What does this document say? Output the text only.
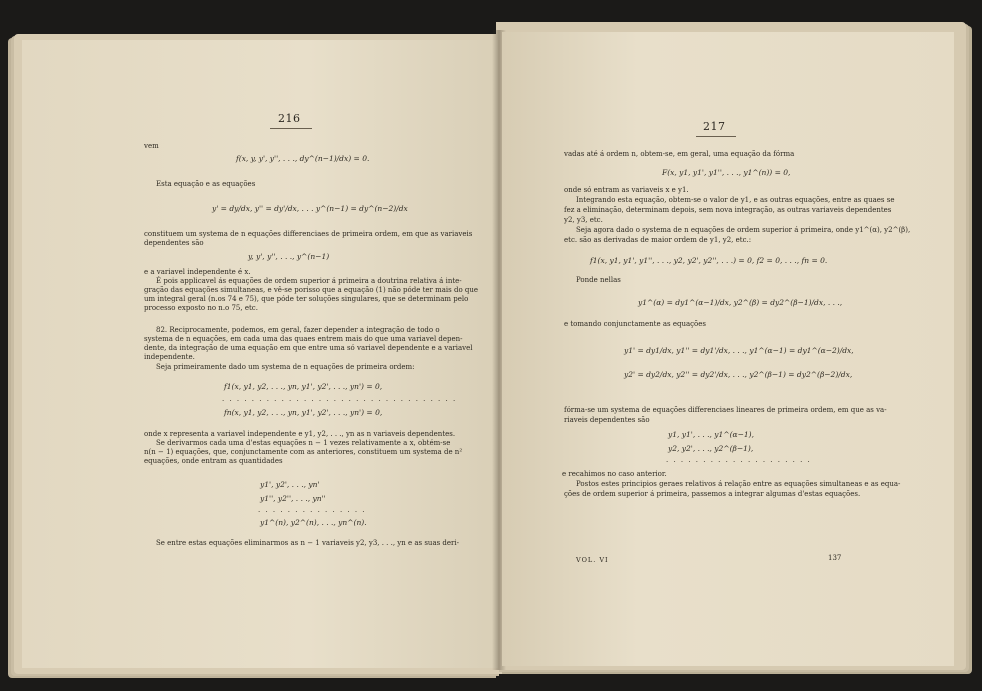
216
vem
f(x, y, y', y'', . . ., dy^(n−1)/dx) = 0.
Esta equação e as equações
y' = dy/dx, y'' = dy'/dx, . . . y^(n−1) = dy^(n−2)/dx
constituem um systema de n equações differenciaes de primeira ordem, em que as variaveis
dependentes são
y, y', y'', . . ., y^(n−1)
e a variavel independente é x.
É pois applicavel ás equações de ordem superior á primeira a doutrina relativa á inte-
gração das equações simultaneas, e vê-se porisso que a equação (1) não póde ter mais do que
um integral geral (n.os 74 e 75), que póde ter soluções singulares, que se determinam pelo
processo exposto no n.o 75, etc.
82. Reciprocamente, podemos, em geral, fazer depender a integração de todo o
systema de n equações, em cada uma das quaes entrem mais do que uma variavel depen-
dente, da integração de uma equação em que entre uma só variavel dependente e a variavel
independente.
Seja primeiramente dado um systema de n equações de primeira ordem:
f1(x, y1, y2, . . ., yn, y1', y2', . . ., yn') = 0,
. . . . . . . . . . . . . . . . . . . . . . . . . . . . . . . .
fn(x, y1, y2, . . ., yn, y1', y2', . . ., yn') = 0,
onde x representa a variavel independente e y1, y2, . . ., yn as n variaveis dependentes.
Se derivarmos cada uma d'estas equações n − 1 vezes relativamente a x, obtém-se
n(n − 1) equações, que, conjunctamente com as anteriores, constituem um systema de n²
equações, onde entram as quantidades
y1', y2', . . ., yn'
y1'', y2'', . . ., yn''
. . . . . . . . . . . . . . .
y1^(n), y2^(n), . . ., yn^(n).
Se entre estas equações eliminarmos as n − 1 variaveis y2, y3, . . ., yn e as suas deri-
217
vadas até á ordem n, obtem-se, em geral, uma equação da fórma
F(x, y1, y1', y1'', . . ., y1^(n)) = 0,
onde só entram as variaveis x e y1.
Integrando esta equação, obtem-se o valor de y1, e as outras equações, entre as quaes se
fez a eliminação, determinam depois, sem nova integração, as outras variaveis dependentes
y2, y3, etc.
Seja agora dado o systema de n equações de ordem superior á primeira, onde y1^(α), y2^(β),
etc. são as derivadas de maior ordem de y1, y2, etc.:
f1(x, y1, y1', y1'', . . ., y2, y2', y2'', . . .) = 0, f2 = 0, . . ., fn = 0.
Ponde nellas
y1^(α) = dy1^(α−1)/dx, y2^(β) = dy2^(β−1)/dx, . . .,
e tomando conjunctamente as equações
y1' = dy1/dx, y1'' = dy1'/dx, . . ., y1^(α−1) = dy1^(α−2)/dx,
y2' = dy2/dx, y2'' = dy2'/dx, . . ., y2^(β−1) = dy2^(β−2)/dx,
fórma-se um systema de equações differenciaes lineares de primeira ordem, em que as va-
riaveis dependentes são
y1, y1', . . ., y1^(α−1),
y2, y2', . . ., y2^(β−1),
. . . . . . . . . . . . . . . . . . . .
e recahimos no caso anterior.
Postos estes principios geraes relativos á relação entre as equações simultaneas e as equa-
ções de ordem superior á primeira, passemos a integrar algumas d'estas equações.
VOL. VI	137
